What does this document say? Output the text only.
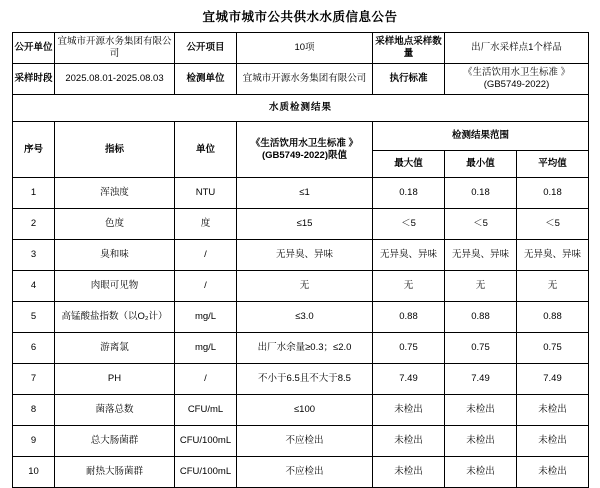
宜城市城市公共供水水质信息公告
公开单位	宜城市开源水务集团有限公司	公开项目	10项	采样地点采样数量	出厂水采样点1个样品	
采样时段	2025.08.01-2025.08.03	检测单位	宜城市开源水务集团有限公司	执行标准	《生活饮用水卫生标准 》
(GB5749-2022)	

水质检测结果						
序号	指标	单位	《生活饮用水卫生标准 》
(GB5749-2022)限值	检测结果范围		
				最大值	最小值	平均值
1	浑浊度	NTU	≤1	0.18	0.18	0.18
2	色度	度	≤15	＜5	＜5	＜5
3	臭和味	/	无异臭、异味	无异臭、异味	无异臭、异味	无异臭、异味
4	肉眼可见物	/	无	无	无	无
5	高锰酸盐指数（以O₂计）	mg/L	≤3.0	0.88	0.88	0.88
6	游离氯	mg/L	出厂水余量≥0.3；≤2.0	0.75	0.75	0.75
7	PH	/	不小于6.5且不大于8.5	7.49	7.49	7.49
8	菌落总数	CFU/mL	≤100	未检出	未检出	未检出
9	总大肠菌群	CFU/100mL	不应检出	未检出	未检出	未检出
10	耐热大肠菌群	CFU/100mL	不应检出	未检出	未检出	未检出
